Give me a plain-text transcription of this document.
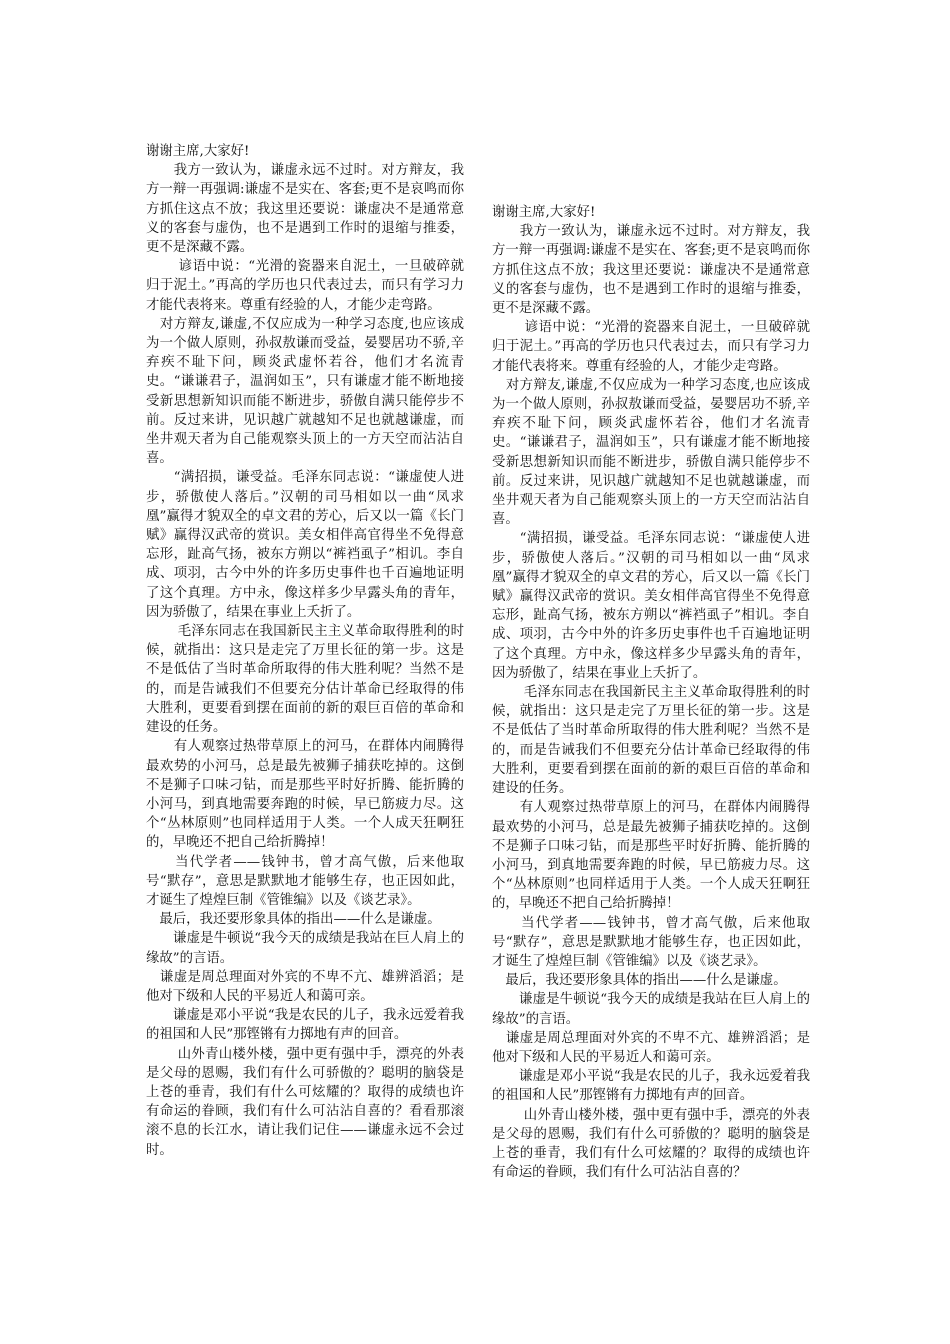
谢谢主席,大家好!

　　我方一致认为，谦虚永远不过时。对方辩友，我方一辩一再强调:谦虚不是实在、客套;更不是哀鸣而你方抓住这点不放；我这里还要说：谦虚决不是通常意义的客套与虚伪，也不是遇到工作时的退缩与推委，更不是深藏不露。

　　 谚语中说：“光滑的瓷器来自泥土，一旦破碎就归于泥土。”再高的学历也只代表过去，而只有学习力才能代表将来。尊重有经验的人，才能少走弯路。

　对方辩友,谦虚,不仅应成为一种学习态度,也应该成为一个做人原则，孙叔敖谦而受益，晏婴居功不骄,辛弃疾不耻下问，顾炎武虚怀若谷，他们才名流青史。“谦谦君子，温润如玉”，只有谦虚才能不断地接受新思想新知识而能不断进步，骄傲自满只能停步不前。反过来讲，见识越广就越知不足也就越谦虚，而坐井观天者为自己能观察头顶上的一方天空而沾沾自喜。

　　“满招损，谦受益。毛泽东同志说：“谦虚使人进步，骄傲使人落后。”汉朝的司马相如以一曲“凤求凰”赢得才貌双全的卓文君的芳心，后又以一篇《长门赋》赢得汉武帝的赏识。美女相伴高官得坐不免得意忘形，趾高气扬，被东方朔以“裤裆虱子”相讥。李自成、项羽，古今中外的许多历史事件也千百遍地证明了这个真理。方中永，像这样多少早露头角的青年，因为骄傲了，结果在事业上夭折了。

　　 毛泽东同志在我国新民主主义革命取得胜利的时候，就指出：这只是走完了万里长征的第一步。这是不是低估了当时革命所取得的伟大胜利呢？当然不是的，而是告诫我们不但要充分估计革命已经取得的伟大胜利，更要看到摆在面前的新的艰巨百倍的革命和建设的任务。

　　有人观察过热带草原上的河马，在群体内闹腾得最欢势的小河马，总是最先被狮子捕获吃掉的。这倒不是狮子口味刁钻，而是那些平时好折腾、能折腾的小河马，到真地需要奔跑的时候，早已筋疲力尽。这个“丛林原则”也同样适用于人类。一个人成天狂啊狂的，早晚还不把自己给折腾掉！

　　当代学者——钱钟书，曾才高气傲，后来他取号“默存”，意思是默默地才能够生存，也正因如此，才诞生了煌煌巨制《管锥编》以及《谈艺录》。

　最后，我还要形象具体的指出——什么是谦虚。

　　谦虚是牛顿说“我今天的成绩是我站在巨人肩上的缘故”的言语。

　谦虚是周总理面对外宾的不卑不亢、雄辨滔滔；是他对下级和人民的平易近人和蔼可亲。

　　谦虚是邓小平说“我是农民的儿子，我永远爱着我的祖国和人民”那铿锵有力掷地有声的回音。

　　 山外青山楼外楼，强中更有强中手，漂亮的外表是父母的恩赐，我们有什么可骄傲的？聪明的脑袋是上苍的垂青，我们有什么可炫耀的？取得的成绩也许有命运的眷顾，我们有什么可沾沾自喜的？看看那滚滚不息的长江水，请让我们记住——谦虚永远不会过时。

谢谢主席,大家好!

　　我方一致认为，谦虚永远不过时。对方辩友，我方一辩一再强调:谦虚不是实在、客套;更不是哀鸣而你方抓住这点不放；我这里还要说：谦虚决不是通常意义的客套与虚伪，也不是遇到工作时的退缩与推委，更不是深藏不露。

　　 谚语中说：“光滑的瓷器来自泥土，一旦破碎就归于泥土。”再高的学历也只代表过去，而只有学习力才能代表将来。尊重有经验的人，才能少走弯路。

　对方辩友,谦虚,不仅应成为一种学习态度,也应该成为一个做人原则，孙叔敖谦而受益，晏婴居功不骄,辛弃疾不耻下问，顾炎武虚怀若谷，他们才名流青史。“谦谦君子，温润如玉”，只有谦虚才能不断地接受新思想新知识而能不断进步，骄傲自满只能停步不前。反过来讲，见识越广就越知不足也就越谦虚，而坐井观天者为自己能观察头顶上的一方天空而沾沾自喜。

　　“满招损，谦受益。毛泽东同志说：“谦虚使人进步，骄傲使人落后。”汉朝的司马相如以一曲“凤求凰”赢得才貌双全的卓文君的芳心，后又以一篇《长门赋》赢得汉武帝的赏识。美女相伴高官得坐不免得意忘形，趾高气扬，被东方朔以“裤裆虱子”相讥。李自成、项羽，古今中外的许多历史事件也千百遍地证明了这个真理。方中永，像这样多少早露头角的青年，因为骄傲了，结果在事业上夭折了。

　　 毛泽东同志在我国新民主主义革命取得胜利的时候，就指出：这只是走完了万里长征的第一步。这是不是低估了当时革命所取得的伟大胜利呢？当然不是的，而是告诫我们不但要充分估计革命已经取得的伟大胜利，更要看到摆在面前的新的艰巨百倍的革命和建设的任务。

　　有人观察过热带草原上的河马，在群体内闹腾得最欢势的小河马，总是最先被狮子捕获吃掉的。这倒不是狮子口味刁钻，而是那些平时好折腾、能折腾的小河马，到真地需要奔跑的时候，早已筋疲力尽。这个“丛林原则”也同样适用于人类。一个人成天狂啊狂的，早晚还不把自己给折腾掉！

　　当代学者——钱钟书，曾才高气傲，后来他取号“默存”，意思是默默地才能够生存，也正因如此，才诞生了煌煌巨制《管锥编》以及《谈艺录》。

　最后，我还要形象具体的指出——什么是谦虚。

　　谦虚是牛顿说“我今天的成绩是我站在巨人肩上的缘故”的言语。

　谦虚是周总理面对外宾的不卑不亢、雄辨滔滔；是他对下级和人民的平易近人和蔼可亲。

　　谦虚是邓小平说“我是农民的儿子，我永远爱着我的祖国和人民”那铿锵有力掷地有声的回音。

　　 山外青山楼外楼，强中更有强中手，漂亮的外表是父母的恩赐，我们有什么可骄傲的？聪明的脑袋是上苍的垂青，我们有什么可炫耀的？取得的成绩也许有命运的眷顾，我们有什么可沾沾自喜的？
